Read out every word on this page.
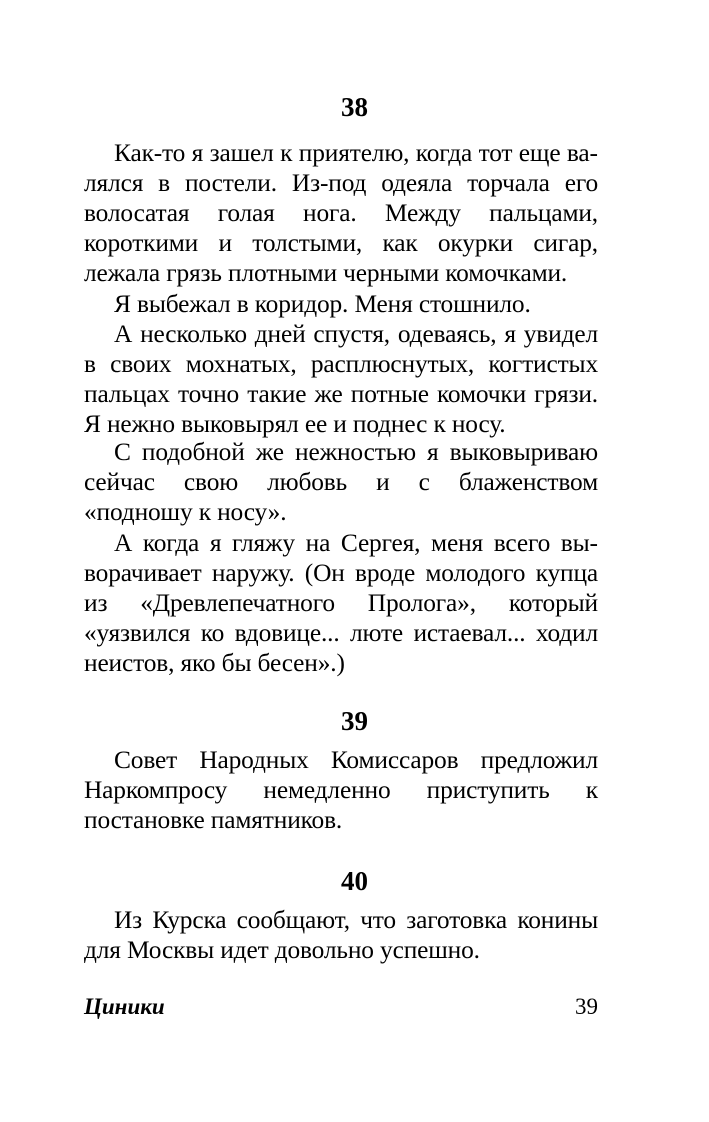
38

Как-то я зашел к приятелю, когда тот еще валялся в постели. Из-под одеяла торчала его волосатая голая нога. Между пальцами, короткими и толстыми, как окурки сигар, лежала грязь плотными черными комочками.

Я выбежал в коридор. Меня стошнило.

А несколько дней спустя, одеваясь, я увидел в своих мохнатых, расплюснутых, когтистых пальцах точно такие же потные комочки грязи. Я нежно выковырял ее и поднес к носу.

С подобной же нежностью я выковыриваю сейчас свою любовь и с блаженством «подношу к носу».

А когда я гляжу на Сергея, меня всего выворачивает наружу. (Он вроде молодого купца из «Древлепечатного Пролога», который «уязвился ко вдовице... люте истаевал... ходил неистов, яко бы бесен».)

39

Совет Народных Комиссаров предложил Наркомпросу немедленно приступить к постановке памятников.

40

Из Курска сообщают, что заготовка конины для Москвы идет довольно успешно.

Циники	39
